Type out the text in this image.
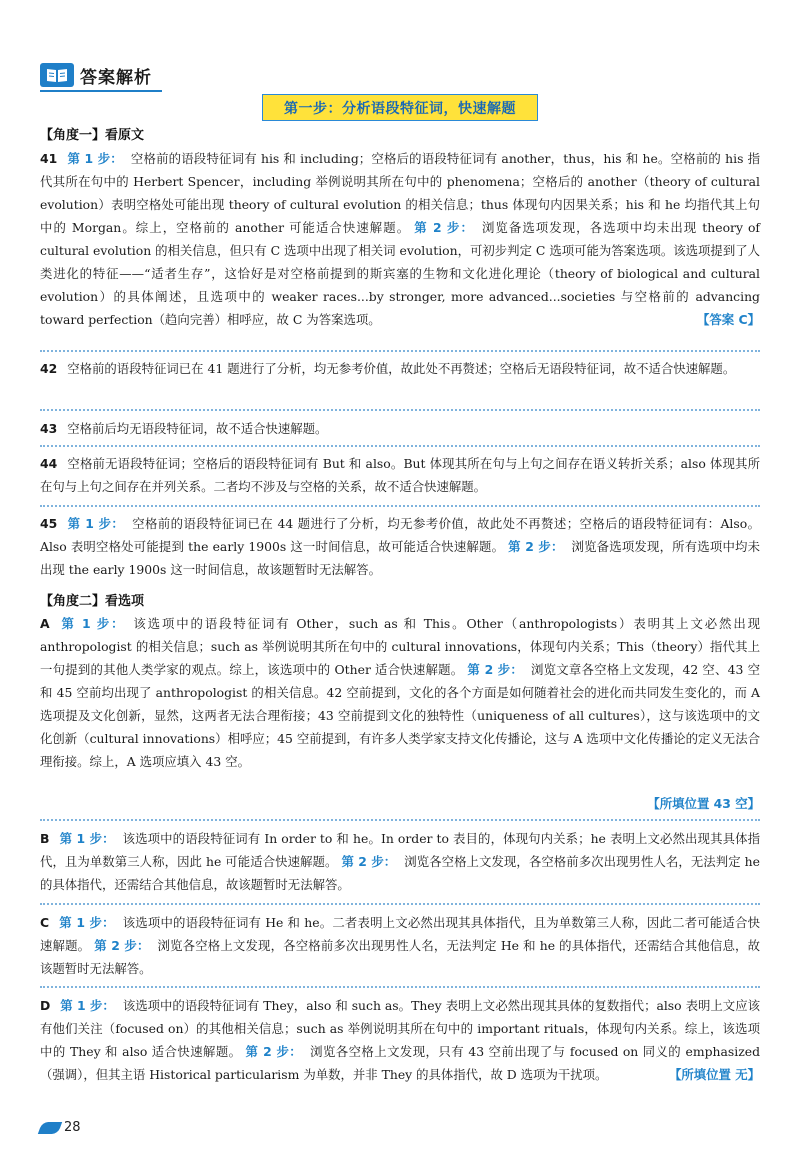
答案解析
第一步：分析语段特征词，快速解题
【角度一】看原文
41 第 1 步： 空格前的语段特征词有 his 和 including；空格后的语段特征词有 another，thus，his 和 he。空格前的 his 指代其所在句中的 Herbert Spencer，including 举例说明其所在句中的 phenomena；空格后的 another（theory of cultural evolution）表明空格处可能出现 theory of cultural evolution 的相关信息；thus 体现句内因果关系；his 和 he 均指代其上句中的 Morgan。综上，空格前的 another 可能适合快速解题。 第 2 步： 浏览备选项发现，各选项中均未出现 theory of cultural evolution 的相关信息，但只有 C 选项中出现了相关词 evolution，可初步判定 C 选项可能为答案选项。该选项提到了人类进化的特征——“适者生存”，这恰好是对空格前提到的斯宾塞的生物和文化进化理论（theory of biological and cultural evolution）的具体阐述，且选项中的 weaker races...by stronger, more advanced...societies 与空格前的 advancing toward perfection（趋向完善）相呼应，故 C 为答案选项。	【答案 C】
42 空格前的语段特征词已在 41 题进行了分析，均无参考价值，故此处不再赘述；空格后无语段特征词，故不适合快速解题。
43 空格前后均无语段特征词，故不适合快速解题。
44 空格前无语段特征词；空格后的语段特征词有 But 和 also。But 体现其所在句与上句之间存在语义转折关系；also 体现其所在句与上句之间存在并列关系。二者均不涉及与空格的关系，故不适合快速解题。
45 第 1 步： 空格前的语段特征词已在 44 题进行了分析，均无参考价值，故此处不再赘述；空格后的语段特征词有：Also。Also 表明空格处可能提到 the early 1900s 这一时间信息，故可能适合快速解题。 第 2 步： 浏览备选项发现，所有选项中均未出现 the early 1900s 这一时间信息，故该题暂时无法解答。
【角度二】看选项
A 第 1 步： 该选项中的语段特征词有 Other，such as 和 This。Other（anthropologists）表明其上文必然出现 anthropologist 的相关信息；such as 举例说明其所在句中的 cultural innovations，体现句内关系；This（theory）指代其上一句提到的其他人类学家的观点。综上，该选项中的 Other 适合快速解题。 第 2 步： 浏览文章各空格上文发现，42 空、43 空和 45 空前均出现了 anthropologist 的相关信息。42 空前提到，文化的各个方面是如何随着社会的进化而共同发生变化的，而 A 选项提及文化创新，显然，这两者无法合理衔接；43 空前提到文化的独特性（uniqueness of all cultures），这与该选项中的文化创新（cultural innovations）相呼应；45 空前提到，有许多人类学家支持文化传播论，这与 A 选项中文化传播论的定义无法合理衔接。综上，A 选项应填入 43 空。
【所填位置 43 空】
B 第 1 步： 该选项中的语段特征词有 In order to 和 he。In order to 表目的，体现句内关系；he 表明上文必然出现其具体指代，且为单数第三人称，因此 he 可能适合快速解题。 第 2 步： 浏览各空格上文发现，各空格前多次出现男性人名，无法判定 he 的具体指代，还需结合其他信息，故该题暂时无法解答。
C 第 1 步： 该选项中的语段特征词有 He 和 he。二者表明上文必然出现其具体指代，且为单数第三人称，因此二者可能适合快速解题。 第 2 步： 浏览各空格上文发现，各空格前多次出现男性人名，无法判定 He 和 he 的具体指代，还需结合其他信息，故该题暂时无法解答。
D 第 1 步： 该选项中的语段特征词有 They，also 和 such as。They 表明上文必然出现其具体的复数指代；also 表明上文应该有他们关注（focused on）的其他相关信息；such as 举例说明其所在句中的 important rituals，体现句内关系。综上，该选项中的 They 和 also 适合快速解题。 第 2 步： 浏览各空格上文发现，只有 43 空前出现了与 focused on 同义的 emphasized（强调），但其主语 Historical particularism 为单数，并非 They 的具体指代，故 D 选项为干扰项。	【所填位置 无】
28
